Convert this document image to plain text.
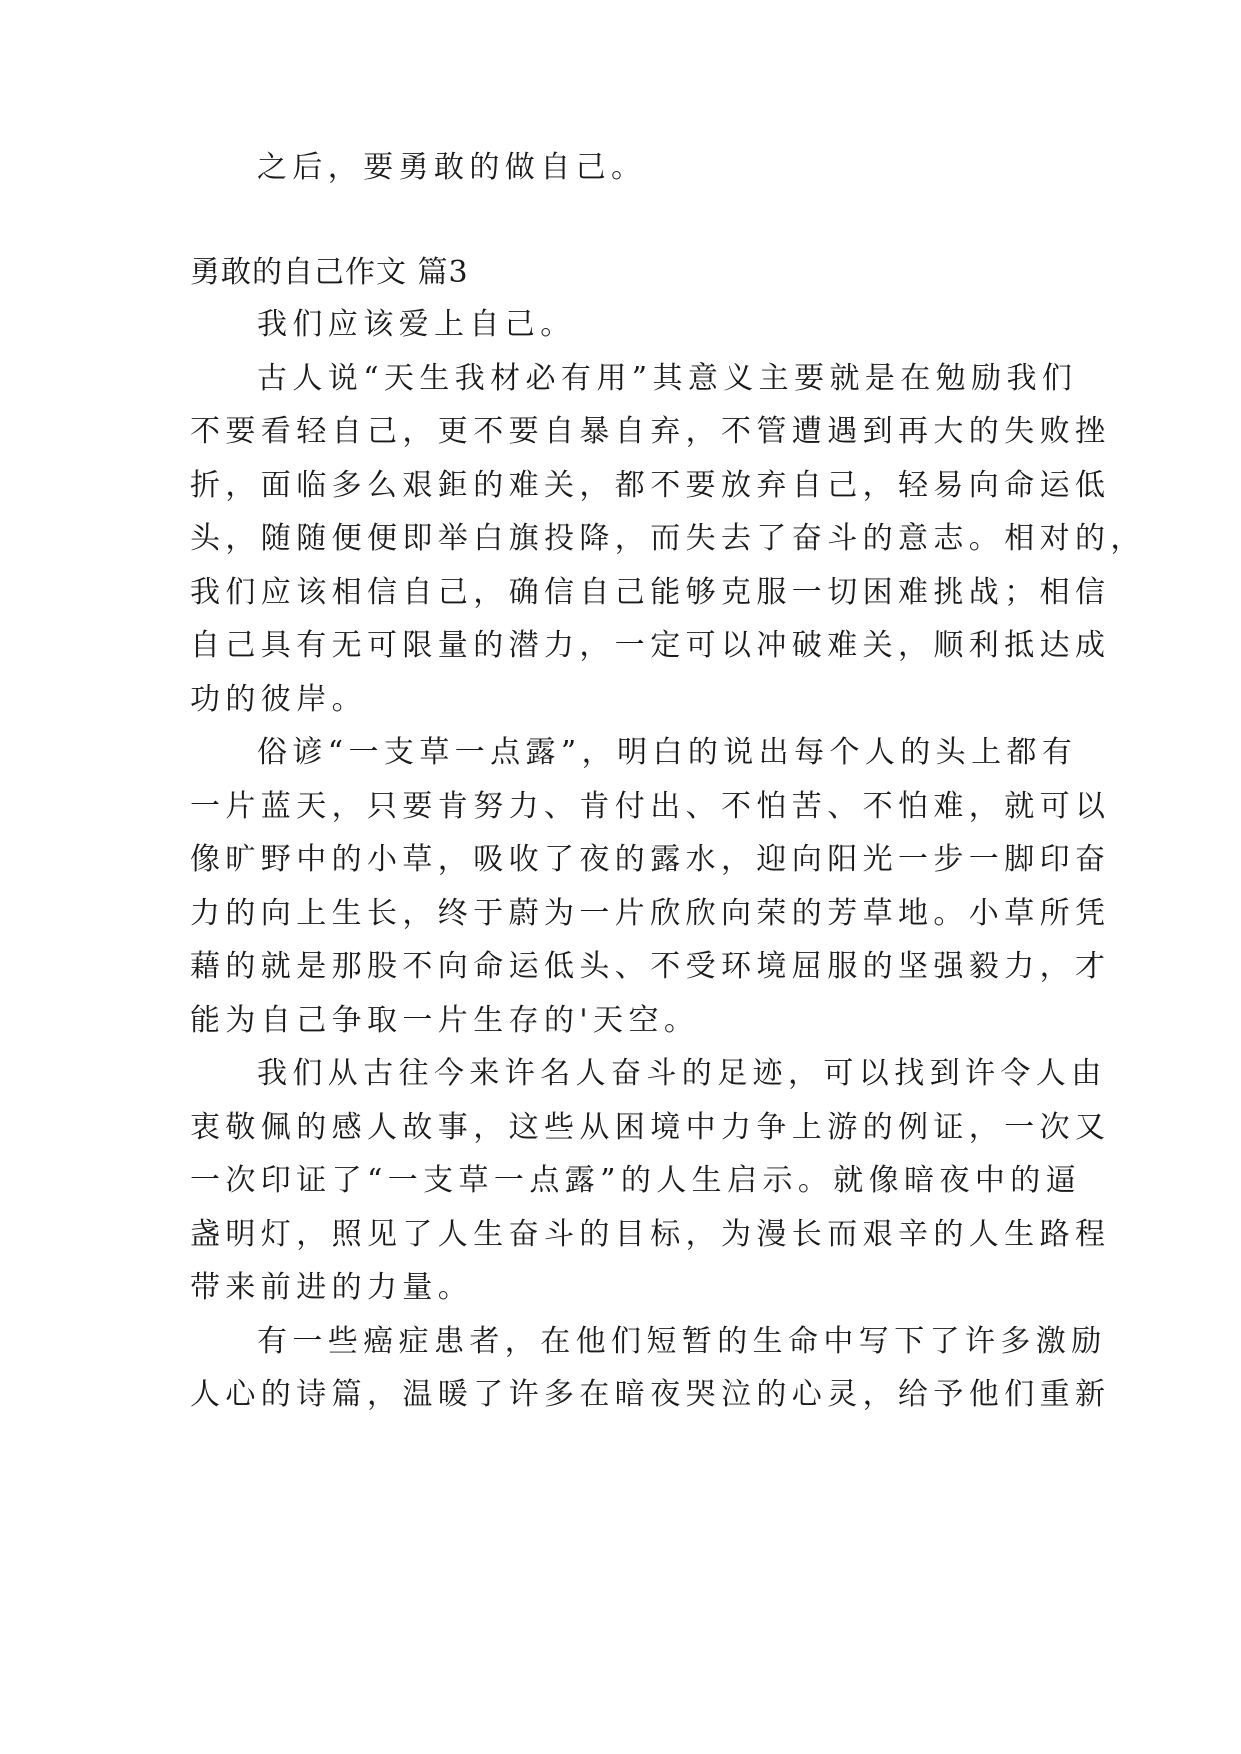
之后，要勇敢的做自己。
勇敢的自己作文 篇3
我们应该爱上自己。
古人说“天生我材必有用”其意义主要就是在勉励我们
不要看轻自己，更不要自暴自弃，不管遭遇到再大的失败挫
折，面临多么艰鉅的难关，都不要放弃自己，轻易向命运低
头，随随便便即举白旗投降，而失去了奋斗的意志。相对的，
我们应该相信自己，确信自己能够克服一切困难挑战；相信
自己具有无可限量的潜力，一定可以冲破难关，顺利抵达成
功的彼岸。
俗谚“一支草一点露”，明白的说出每个人的头上都有
一片蓝天，只要肯努力、肯付出、不怕苦、不怕难，就可以
像旷野中的小草，吸收了夜的露水，迎向阳光一步一脚印奋
力的向上生长，终于蔚为一片欣欣向荣的芳草地。小草所凭
藉的就是那股不向命运低头、不受环境屈服的坚强毅力，才
能为自己争取一片生存的'天空。
我们从古往今来许名人奋斗的足迹，可以找到许令人由
衷敬佩的感人故事，这些从困境中力争上游的例证，一次又
一次印证了“一支草一点露”的人生启示。就像暗夜中的逼
盏明灯，照见了人生奋斗的目标，为漫长而艰辛的人生路程
带来前进的力量。
有一些癌症患者，在他们短暂的生命中写下了许多激励
人心的诗篇，温暖了许多在暗夜哭泣的心灵，给予他们重新
